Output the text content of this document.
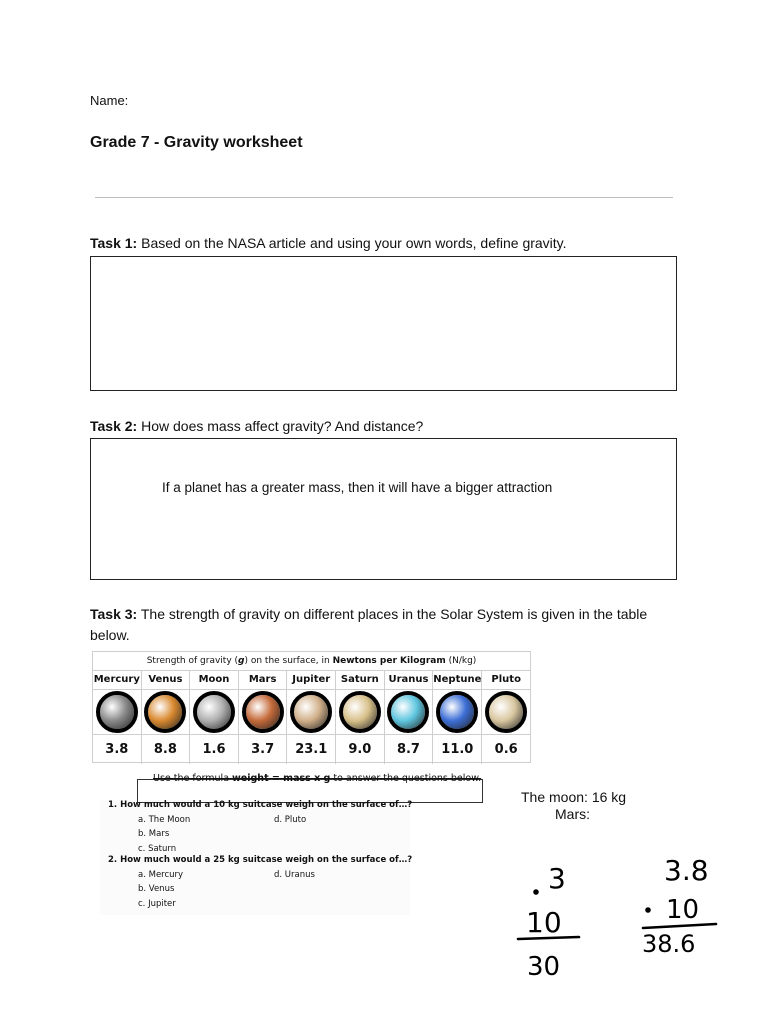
Name:
Grade 7 - Gravity worksheet
Task 1: Based on the NASA article and using your own words, define gravity.
Task 2: How does mass affect gravity? And distance?
If a planet has a greater mass, then it will have a bigger attraction
Task 3: The strength of gravity on different places in the Solar System is given in the table below.
Strength of gravity (g) on the surface, in Newtons per Kilogram (N/kg)
Mercury
3.8
Venus
8.8
Moon
1.6
Mars
3.7
Jupiter
23.1
Saturn
9.0
Uranus
8.7
Neptune
11.0
Pluto
0.6
Use the formula weight = mass x g to answer the questions below.
1. How much would a 10 kg suitcase weigh on the surface of…?
a. The Moon
b. Mars
c. Saturn
d. Pluto
2. How much would a 25 kg suitcase weigh on the surface of…?
a. Mercury
b. Venus
c. Jupiter
d. Uranus
The moon: 16 kg
Mars:
3
10
30
3.8
10
38.6
